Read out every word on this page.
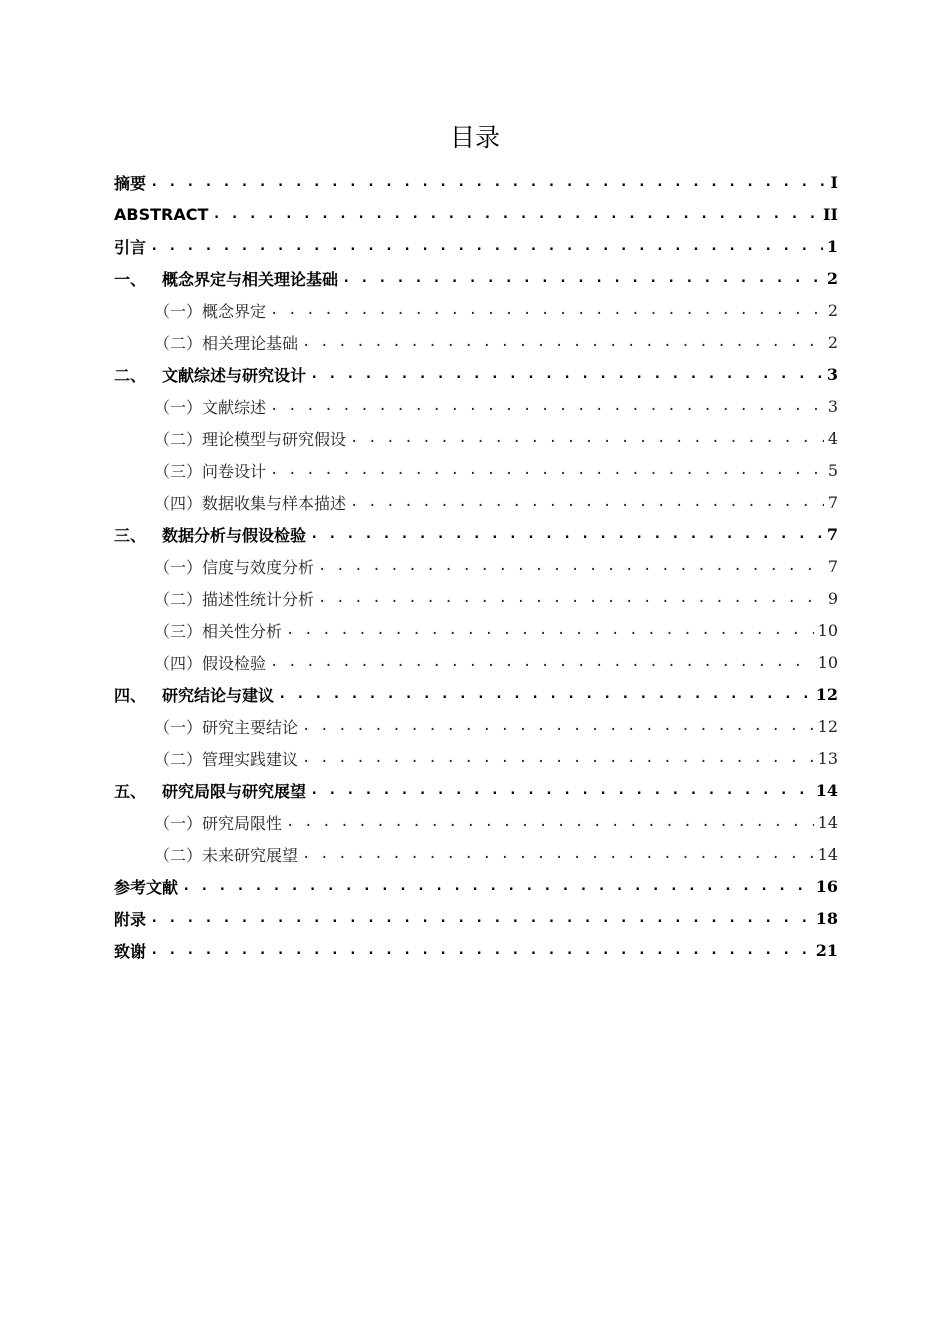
目录
摘要 . . .	I
ABSTRACT . . .	II
引言 . . .	1
一、 概念界定与相关理论基础 . . .	2
（一）概念界定 . . .	2
（二）相关理论基础 . . .	2
二、 文献综述与研究设计 . . .	3
（一）文献综述 . . .	3
（二）理论模型与研究假设 . . .	4
（三）问卷设计 . . .	5
（四）数据收集与样本描述 . . .	7
三、 数据分析与假设检验 . . .	7
（一）信度与效度分析 . . .	7
（二）描述性统计分析 . . .	9
（三）相关性分析 . . .	10
（四）假设检验 . . .	10
四、 研究结论与建议 . . .	12
（一）研究主要结论 . . .	12
（二）管理实践建议 . . .	13
五、 研究局限与研究展望 . . .	14
（一）研究局限性 . . .	14
（二）未来研究展望 . . .	14
参考文献 . . .	16
附录 . . .	18
致谢 . . .	21
